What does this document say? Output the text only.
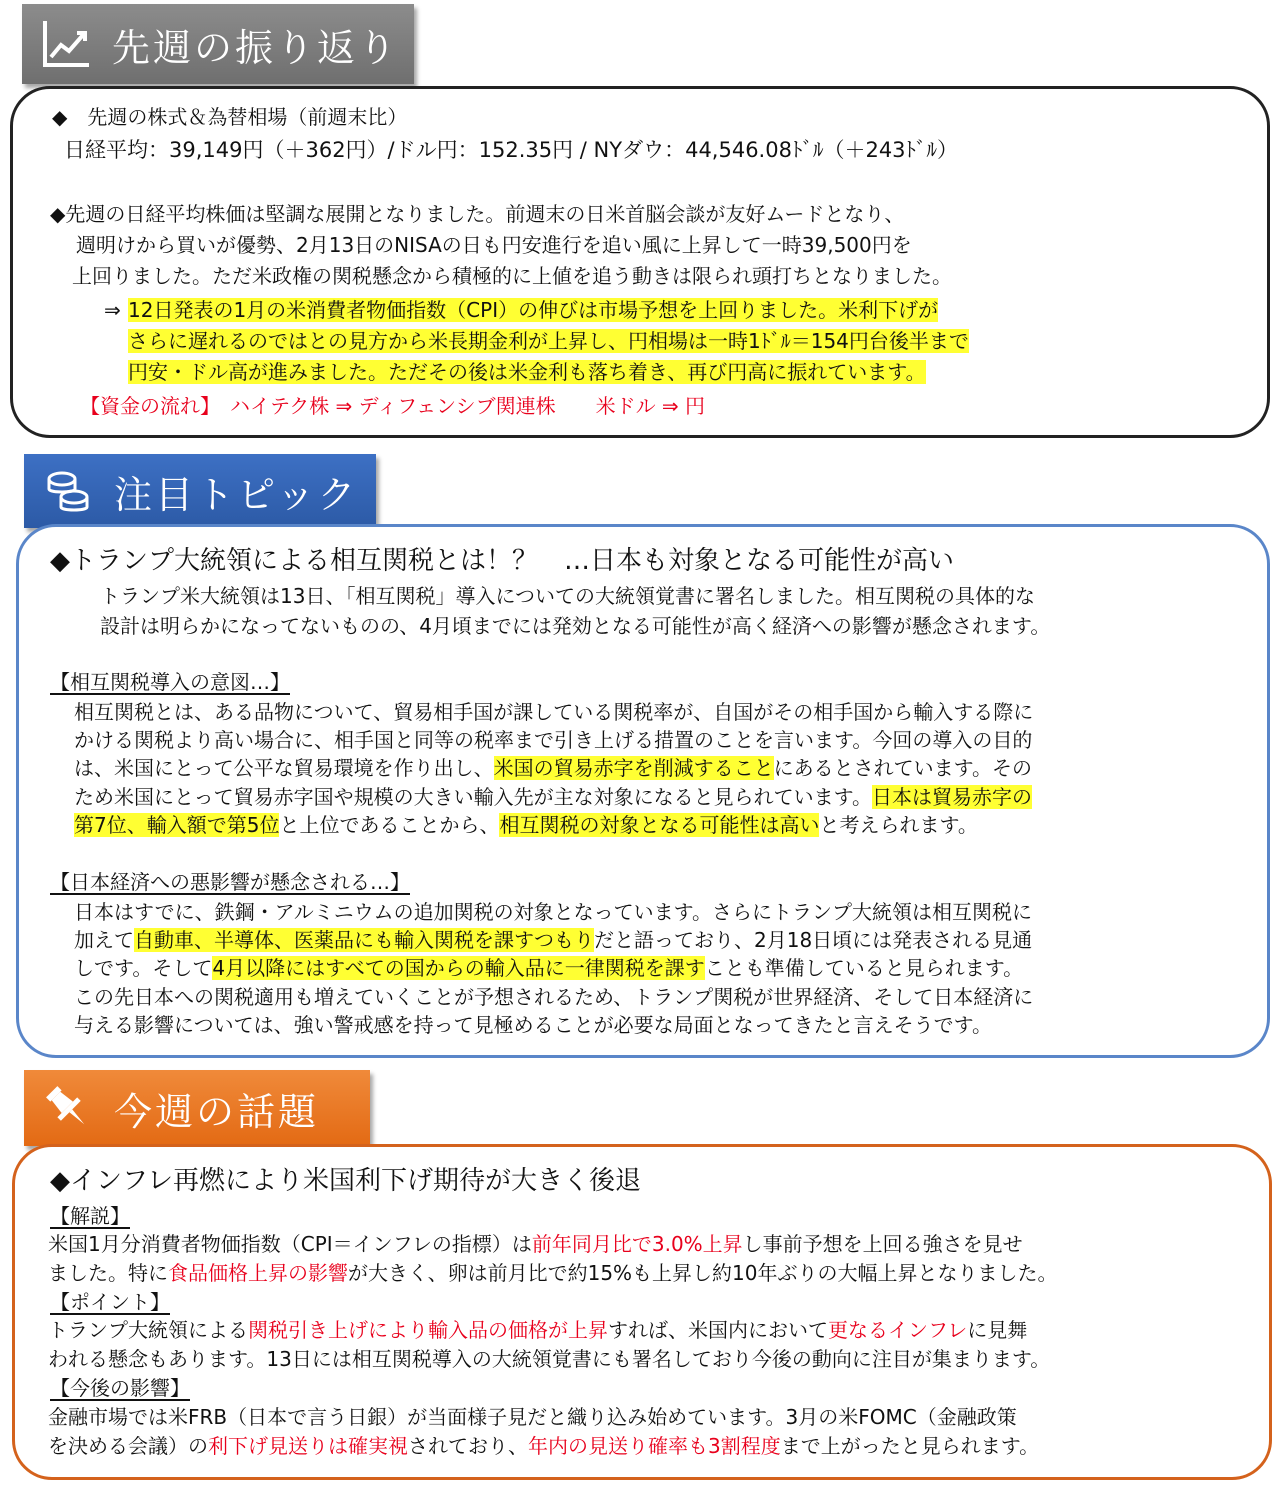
先週の振り返り
◆　先週の株式＆為替相場（前週末比）
日経平均：39,149円（＋362円）/ドル円：152.35円 / NYダウ：44,546.08ﾄﾞﾙ（＋243ﾄﾞﾙ）
◆先週の日経平均株価は堅調な展開となりました。前週末の日米首脳会談が友好ムードとなり、
週明けから買いが優勢、2月13日のNISAの日も円安進行を追い風に上昇して一時39,500円を
上回りました。ただ米政権の関税懸念から積極的に上値を追う動きは限られ頭打ちとなりました。
⇒ 12日発表の1月の米消費者物価指数（CPI）の伸びは市場予想を上回りました。米利下げが
さらに遅れるのではとの見方から米長期金利が上昇し、円相場は一時1ﾄﾞﾙ＝154円台後半まで
円安・ドル高が進みました。ただその後は米金利も落ち着き、再び円高に振れています。
【資金の流れ】　ハイテク株 ⇒ ディフェンシブ関連株　　米ドル ⇒ 円
注目トピック
◆トランプ大統領による相互関税とは！？　…日本も対象となる可能性が高い
トランプ米大統領は13日、「相互関税」導入についての大統領覚書に署名しました。相互関税の具体的な
設計は明らかになってないものの、4月頃までには発効となる可能性が高く経済への影響が懸念されます。
【相互関税導入の意図…】
相互関税とは、ある品物について、貿易相手国が課している関税率が、自国がその相手国から輸入する際に
かける関税より高い場合に、相手国と同等の税率まで引き上げる措置のことを言います。今回の導入の目的
は、米国にとって公平な貿易環境を作り出し、米国の貿易赤字を削減することにあるとされています。その
ため米国にとって貿易赤字国や規模の大きい輸入先が主な対象になると見られています。日本は貿易赤字の
第7位、輸入額で第5位と上位であることから、相互関税の対象となる可能性は高いと考えられます。
【日本経済への悪影響が懸念される…】
日本はすでに、鉄鋼・アルミニウムの追加関税の対象となっています。さらにトランプ大統領は相互関税に
加えて自動車、半導体、医薬品にも輸入関税を課すつもりだと語っており、2月18日頃には発表される見通
しです。そして4月以降にはすべての国からの輸入品に一律関税を課すことも準備していると見られます。
この先日本への関税適用も増えていくことが予想されるため、トランプ関税が世界経済、そして日本経済に
与える影響については、強い警戒感を持って見極めることが必要な局面となってきたと言えそうです。
今週の話題
◆インフレ再燃により米国利下げ期待が大きく後退
【解説】
米国1月分消費者物価指数（CPI＝インフレの指標）は前年同月比で3.0%上昇し事前予想を上回る強さを見せ
ました。特に食品価格上昇の影響が大きく、卵は前月比で約15%も上昇し約10年ぶりの大幅上昇となりました。
【ポイント】
トランプ大統領による関税引き上げにより輸入品の価格が上昇すれば、米国内において更なるインフレに見舞
われる懸念もあります。13日には相互関税導入の大統領覚書にも署名しており今後の動向に注目が集まります。
【今後の影響】
金融市場では米FRB（日本で言う日銀）が当面様子見だと織り込み始めています。3月の米FOMC（金融政策
を決める会議）の利下げ見送りは確実視されており、年内の見送り確率も3割程度まで上がったと見られます。
